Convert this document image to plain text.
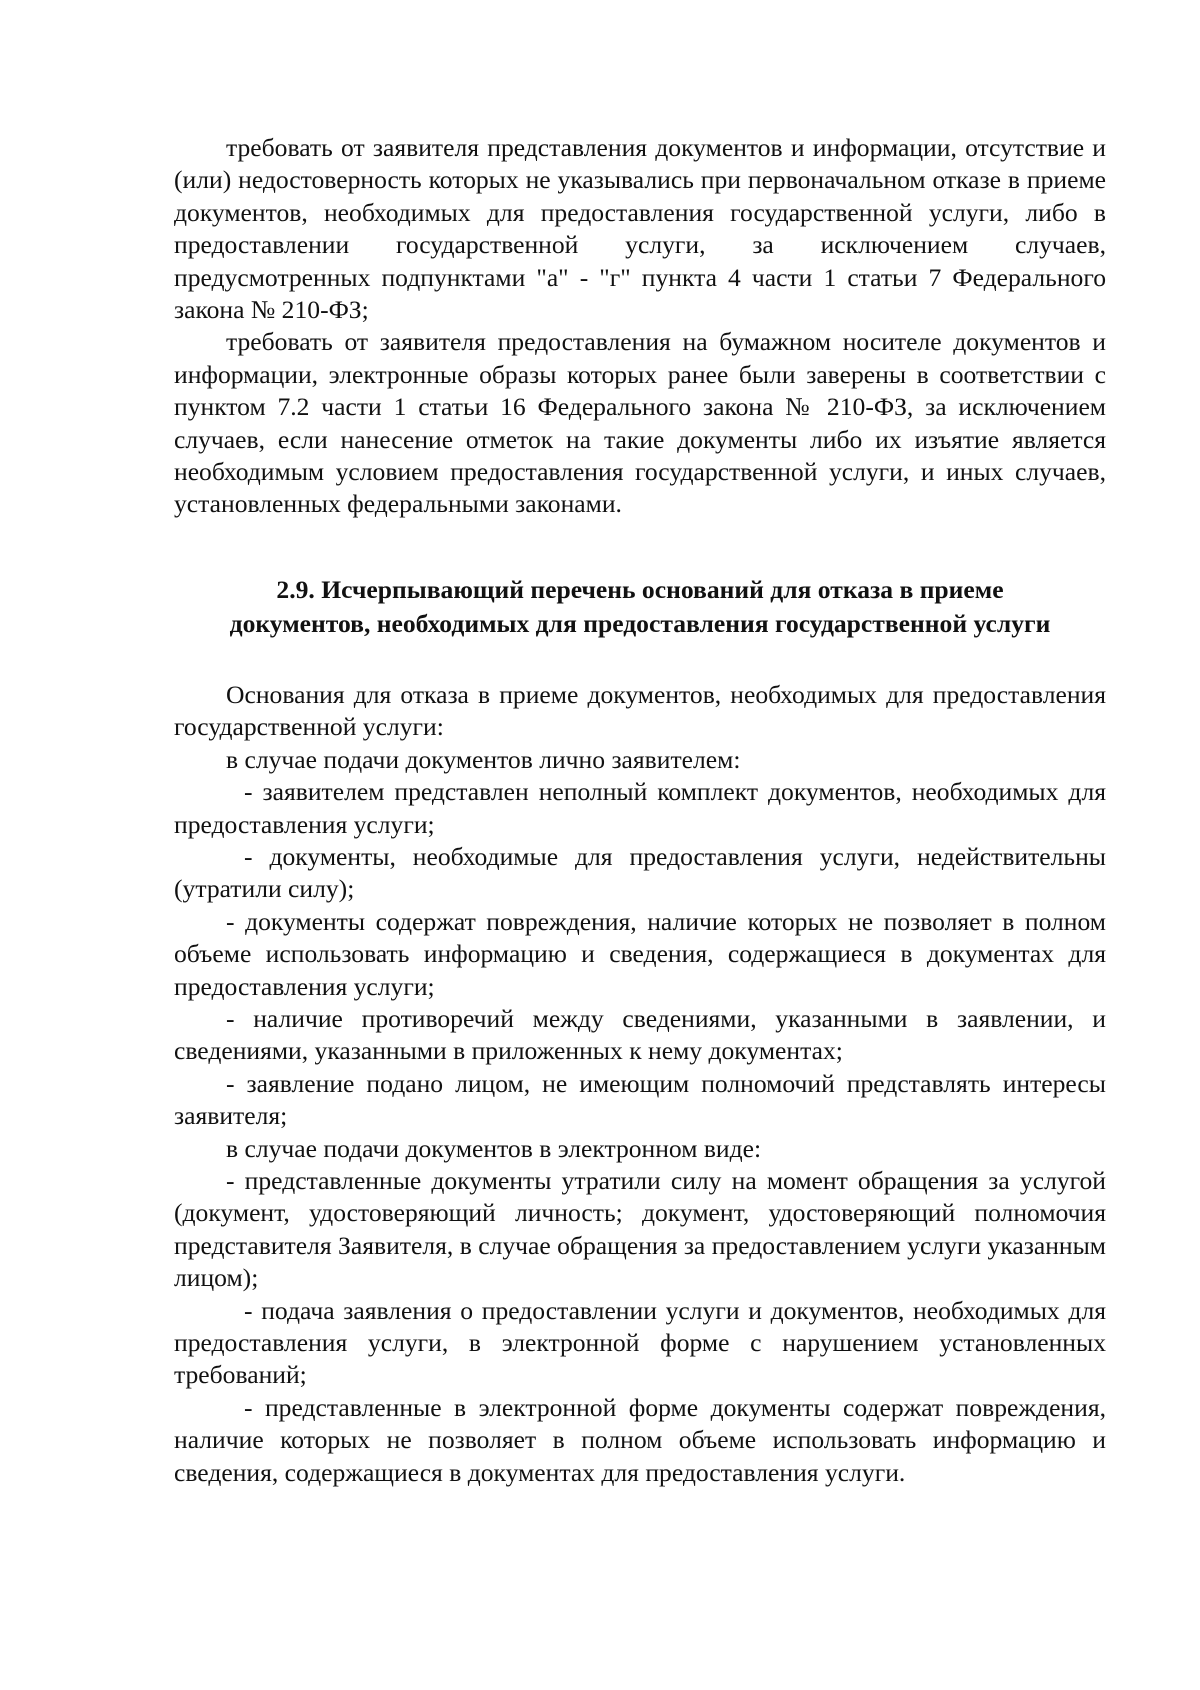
требовать от заявителя представления документов и информации, отсутствие и (или) недостоверность которых не указывались при первоначальном отказе в приеме документов, необходимых для предоставления государственной услуги, либо в предоставлении государственной услуги, за исключением случаев, предусмотренных подпунктами "а" - "г" пункта 4 части 1 статьи 7 Федерального закона № 210-ФЗ;

требовать от заявителя предоставления на бумажном носителе документов и информации, электронные образы которых ранее были заверены в соответствии с пунктом 7.2 части 1 статьи 16 Федерального закона № 210-ФЗ, за исключением случаев, если нанесение отметок на такие документы либо их изъятие является необходимым условием предоставления государственной услуги, и иных случаев, установленных федеральными законами.

2.9. Исчерпывающий перечень оснований для отказа в приеме
документов, необходимых для предоставления государственной услуги

Основания для отказа в приеме документов, необходимых для предоставления государственной услуги:

в случае подачи документов лично заявителем:

- заявителем представлен неполный комплект документов, необходимых для предоставления услуги;

- документы, необходимые для предоставления услуги, недействительны (утратили силу);

- документы содержат повреждения, наличие которых не позволяет в полном объеме использовать информацию и сведения, содержащиеся в документах для предоставления услуги;

- наличие противоречий между сведениями, указанными в заявлении, и сведениями, указанными в приложенных к нему документах;

- заявление подано лицом, не имеющим полномочий представлять интересы заявителя;

в случае подачи документов в электронном виде:

- представленные документы утратили силу на момент обращения за услугой (документ, удостоверяющий личность; документ, удостоверяющий полномочия представителя Заявителя, в случае обращения за предоставлением услуги указанным лицом);

- подача заявления о предоставлении услуги и документов, необходимых для предоставления услуги, в электронной форме с нарушением установленных требований;

- представленные в электронной форме документы содержат повреждения, наличие которых не позволяет в полном объеме использовать информацию и сведения, содержащиеся в документах для предоставления услуги.
